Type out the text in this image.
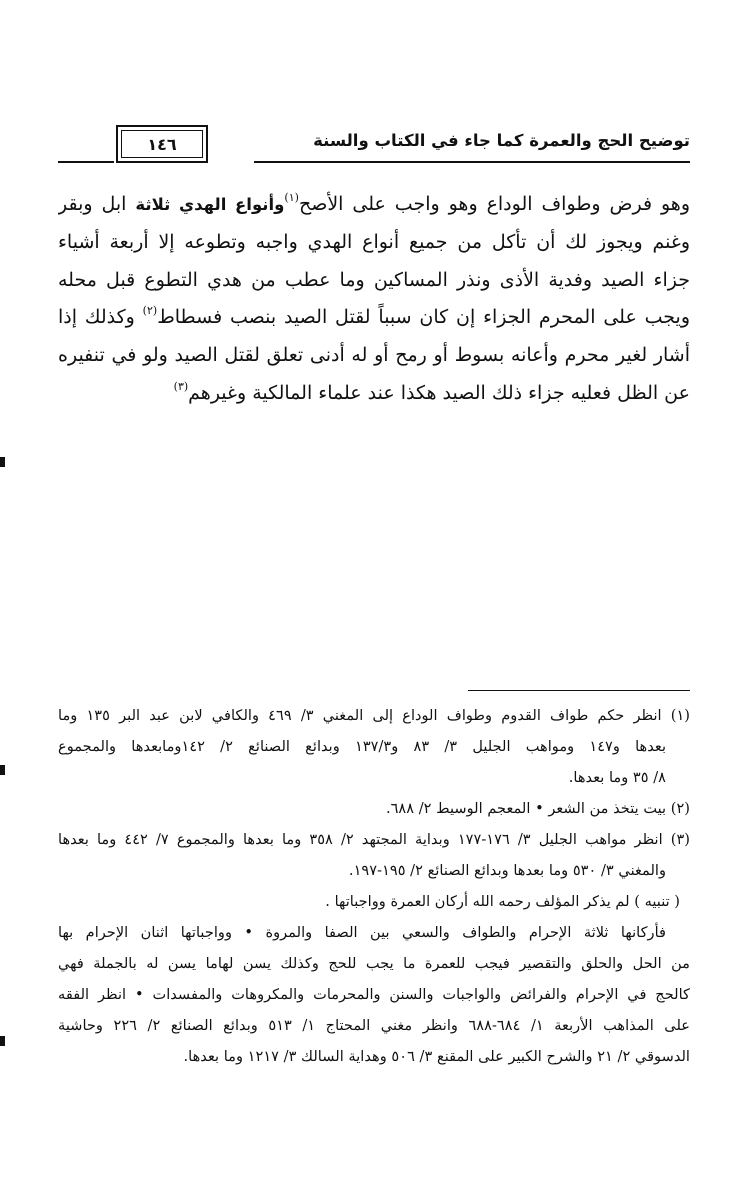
توضيح الحج والعمرة كما جاء في الكتاب والسنة
١٤٦
وهو فرض وطواف الوداع وهو واجب على الأصح$^{(١)}$وأنواع الهدي ثلاثة ابل وبقر
وغنم ويجوز لك أن تأكل من جميع أنواع الهدي واجبه وتطوعه إلا أربعة أشياء
جزاء الصيد وفدية الأذى ونذر المساكين وما عطب من هدي التطوع قبل محله
ويجب على المحرم الجزاء إن كان سبباً لقتل الصيد بنصب فسطاط$^{(٢)}$ وكذلك إذا
أشار لغير محرم وأعانه بسوط أو رمح أو له أدنى تعلق لقتل الصيد ولو في تنفيره
عن الظل فعليه جزاء ذلك الصيد هكذا عند علماء المالكية وغيرهم$^{(٣)}$
(١) انظر حكم طواف القدوم وطواف الوداع إلى المغني ٣/ ٤٦٩ والكافي لابن عبد البر ١٣٥ وما
بعدها و١٤٧ ومواهب الجليل ٣/ ٨٣ و١٣٧/٣ وبدائع الصنائع ٢/ ١٤٢ومابعدها والمجموع
٨/ ٣٥ وما بعدها.
(٢) بيت يتخذ من الشعر • المعجم الوسيط ٢/ ٦٨٨.
(٣) انظر مواهب الجليل ٣/ ١٧٦-١٧٧ وبداية المجتهد ٢/ ٣٥٨ وما بعدها والمجموع ٧/ ٤٤٢ وما بعدها
والمغني ٣/ ٥٣٠ وما بعدها وبدائع الصنائع ٢/ ١٩٥-١٩٧.
( تنبيه ) لم يذكر المؤلف رحمه الله أركان العمرة وواجباتها .
فأركانها ثلاثة الإحرام والطواف والسعي بين الصفا والمروة • وواجباتها اثنان الإحرام بها
من الحل والحلق والتقصير فيجب للعمرة ما يجب للحج وكذلك يسن لهاما يسن له بالجملة فهي
كالحج في الإحرام والفرائض والواجبات والسنن والمحرمات والمكروهات والمفسدات • انظر الفقه
على المذاهب الأربعة ١/ ٦٨٤-٦٨٨ وانظر مغني المحتاج ١/ ٥١٣ وبدائع الصنائع ٢/ ٢٢٦ وحاشية
الدسوقي ٢/ ٢١ والشرح الكبير على المقنع ٣/ ٥٠٦ وهداية السالك ٣/ ١٢١٧ وما بعدها.
